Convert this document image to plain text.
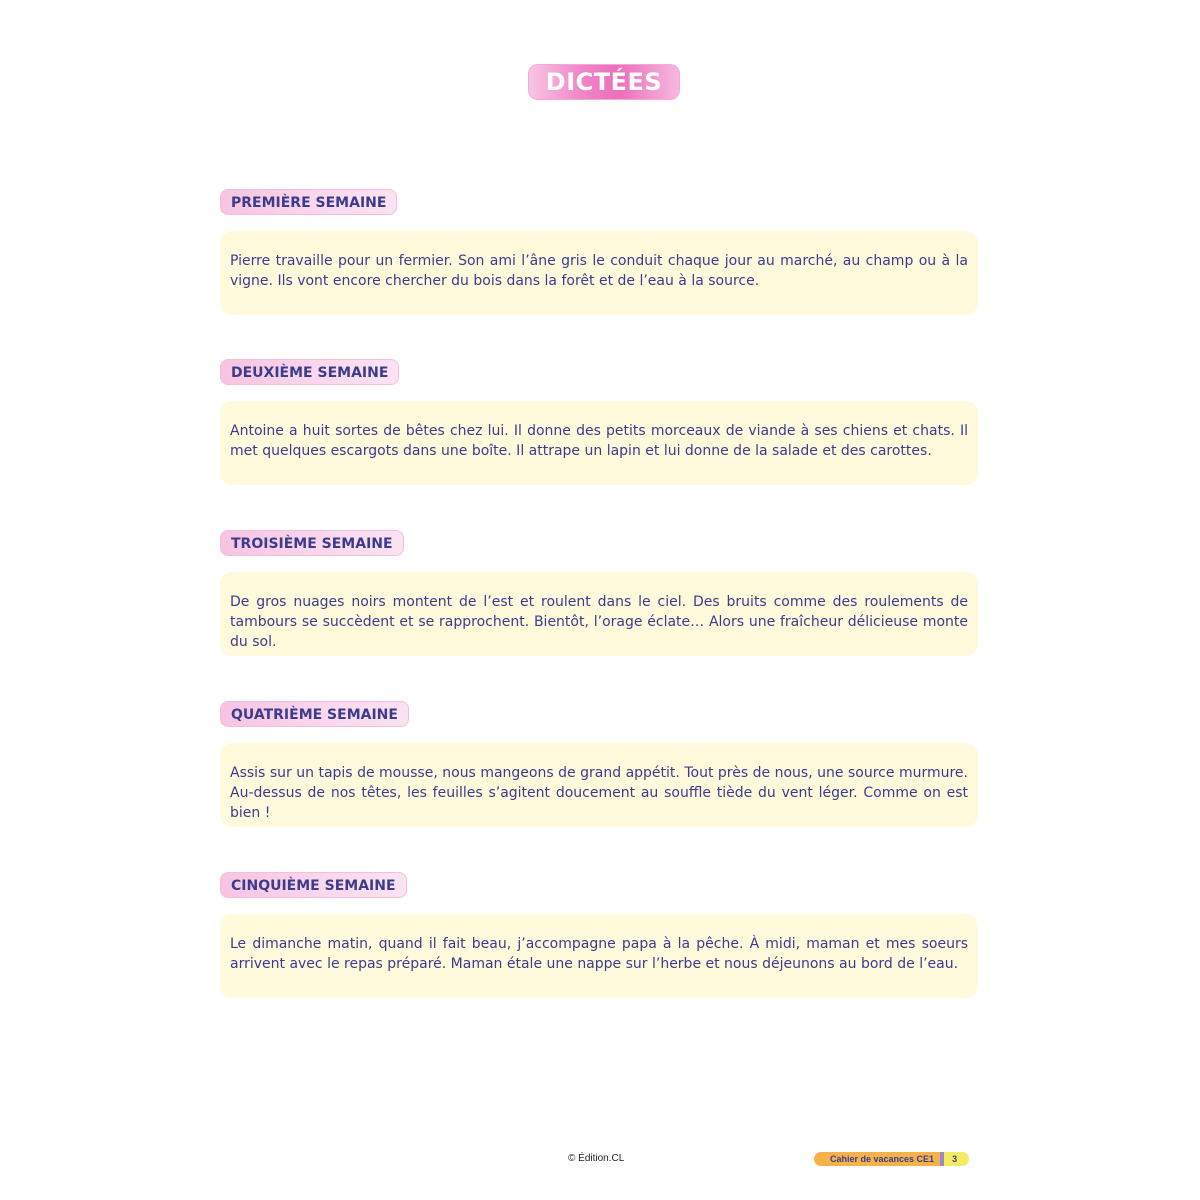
DICTÉES
PREMIÈRE SEMAINE

Pierre travaille pour un fermier. Son ami l’âne gris le conduit chaque jour au marché, au champ ou à la vigne. Ils vont encore chercher du bois dans la forêt et de l’eau à la source.

DEUXIÈME SEMAINE

Antoine a huit sortes de bêtes chez lui. Il donne des petits morceaux de viande à ses chiens et chats. Il met quelques escargots dans une boîte. Il attrape un lapin et lui donne de la salade et des carottes.

TROISIÈME SEMAINE

De gros nuages noirs montent de l’est et roulent dans le ciel. Des bruits comme des roulements de tambours se succèdent et se rapprochent. Bientôt, l’orage éclate… Alors une fraîcheur délicieuse monte du sol.

QUATRIÈME SEMAINE

Assis sur un tapis de mousse, nous mangeons de grand appétit. Tout près de nous, une source murmure. Au-dessus de nos têtes, les feuilles s’agitent doucement au souffle tiède du vent léger. Comme on est bien !

CINQUIÈME SEMAINE

Le dimanche matin, quand il fait beau, j’accompagne papa à la pêche. À midi, maman et mes soeurs arrivent avec le repas préparé. Maman étale une nappe sur l’herbe et nous déjeunons au bord de l’eau.

© Édition.CL	Cahier de vacances CE1	3
